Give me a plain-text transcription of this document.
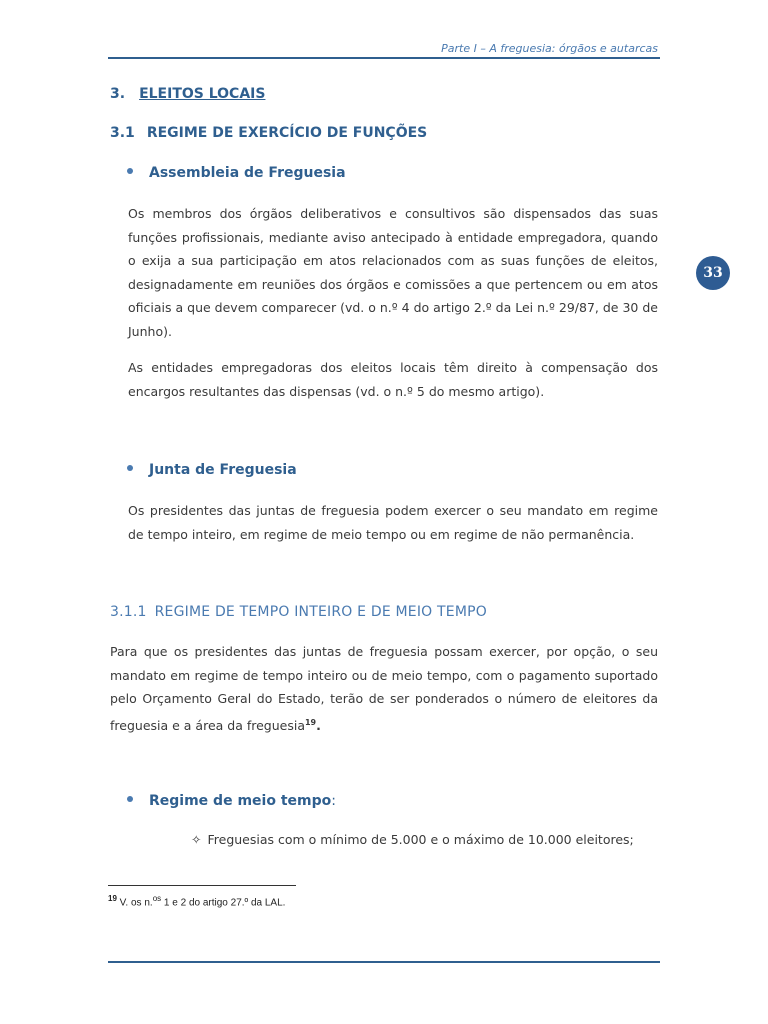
Parte I – A freguesia: órgãos e autarcas
33
3. ELEITOS LOCAIS
3.1 REGIME DE EXERCÍCIO DE FUNÇÕES
Assembleia de Freguesia
Os membros dos órgãos deliberativos e consultivos são dispensados das suas funções profissionais, mediante aviso antecipado à entidade empregadora, quando o exija a sua participação em atos relacionados com as suas funções de eleitos, designadamente em reuniões dos órgãos e comissões a que pertencem ou em atos oficiais a que devem comparecer (vd. o n.º 4 do artigo 2.º da Lei n.º 29/87, de 30 de Junho).
As entidades empregadoras dos eleitos locais têm direito à compensação dos encargos resultantes das dispensas (vd. o n.º 5 do mesmo artigo).
Junta de Freguesia
Os presidentes das juntas de freguesia podem exercer o seu mandato em regime de tempo inteiro, em regime de meio tempo ou em regime de não permanência.
3.1.1 REGIME DE TEMPO INTEIRO E DE MEIO TEMPO
Para que os presidentes das juntas de freguesia possam exercer, por opção, o seu mandato em regime de tempo inteiro ou de meio tempo, com o pagamento suportado pelo Orçamento Geral do Estado, terão de ser ponderados o número de eleitores da freguesia e a área da freguesia$^{19}$.
Regime de meio tempo:
✧ Freguesias com o mínimo de 5.000 e o máximo de 10.000 eleitores;
$^{19}$ V. os n.$^{os}$ 1 e 2 do artigo 27.º da LAL.
